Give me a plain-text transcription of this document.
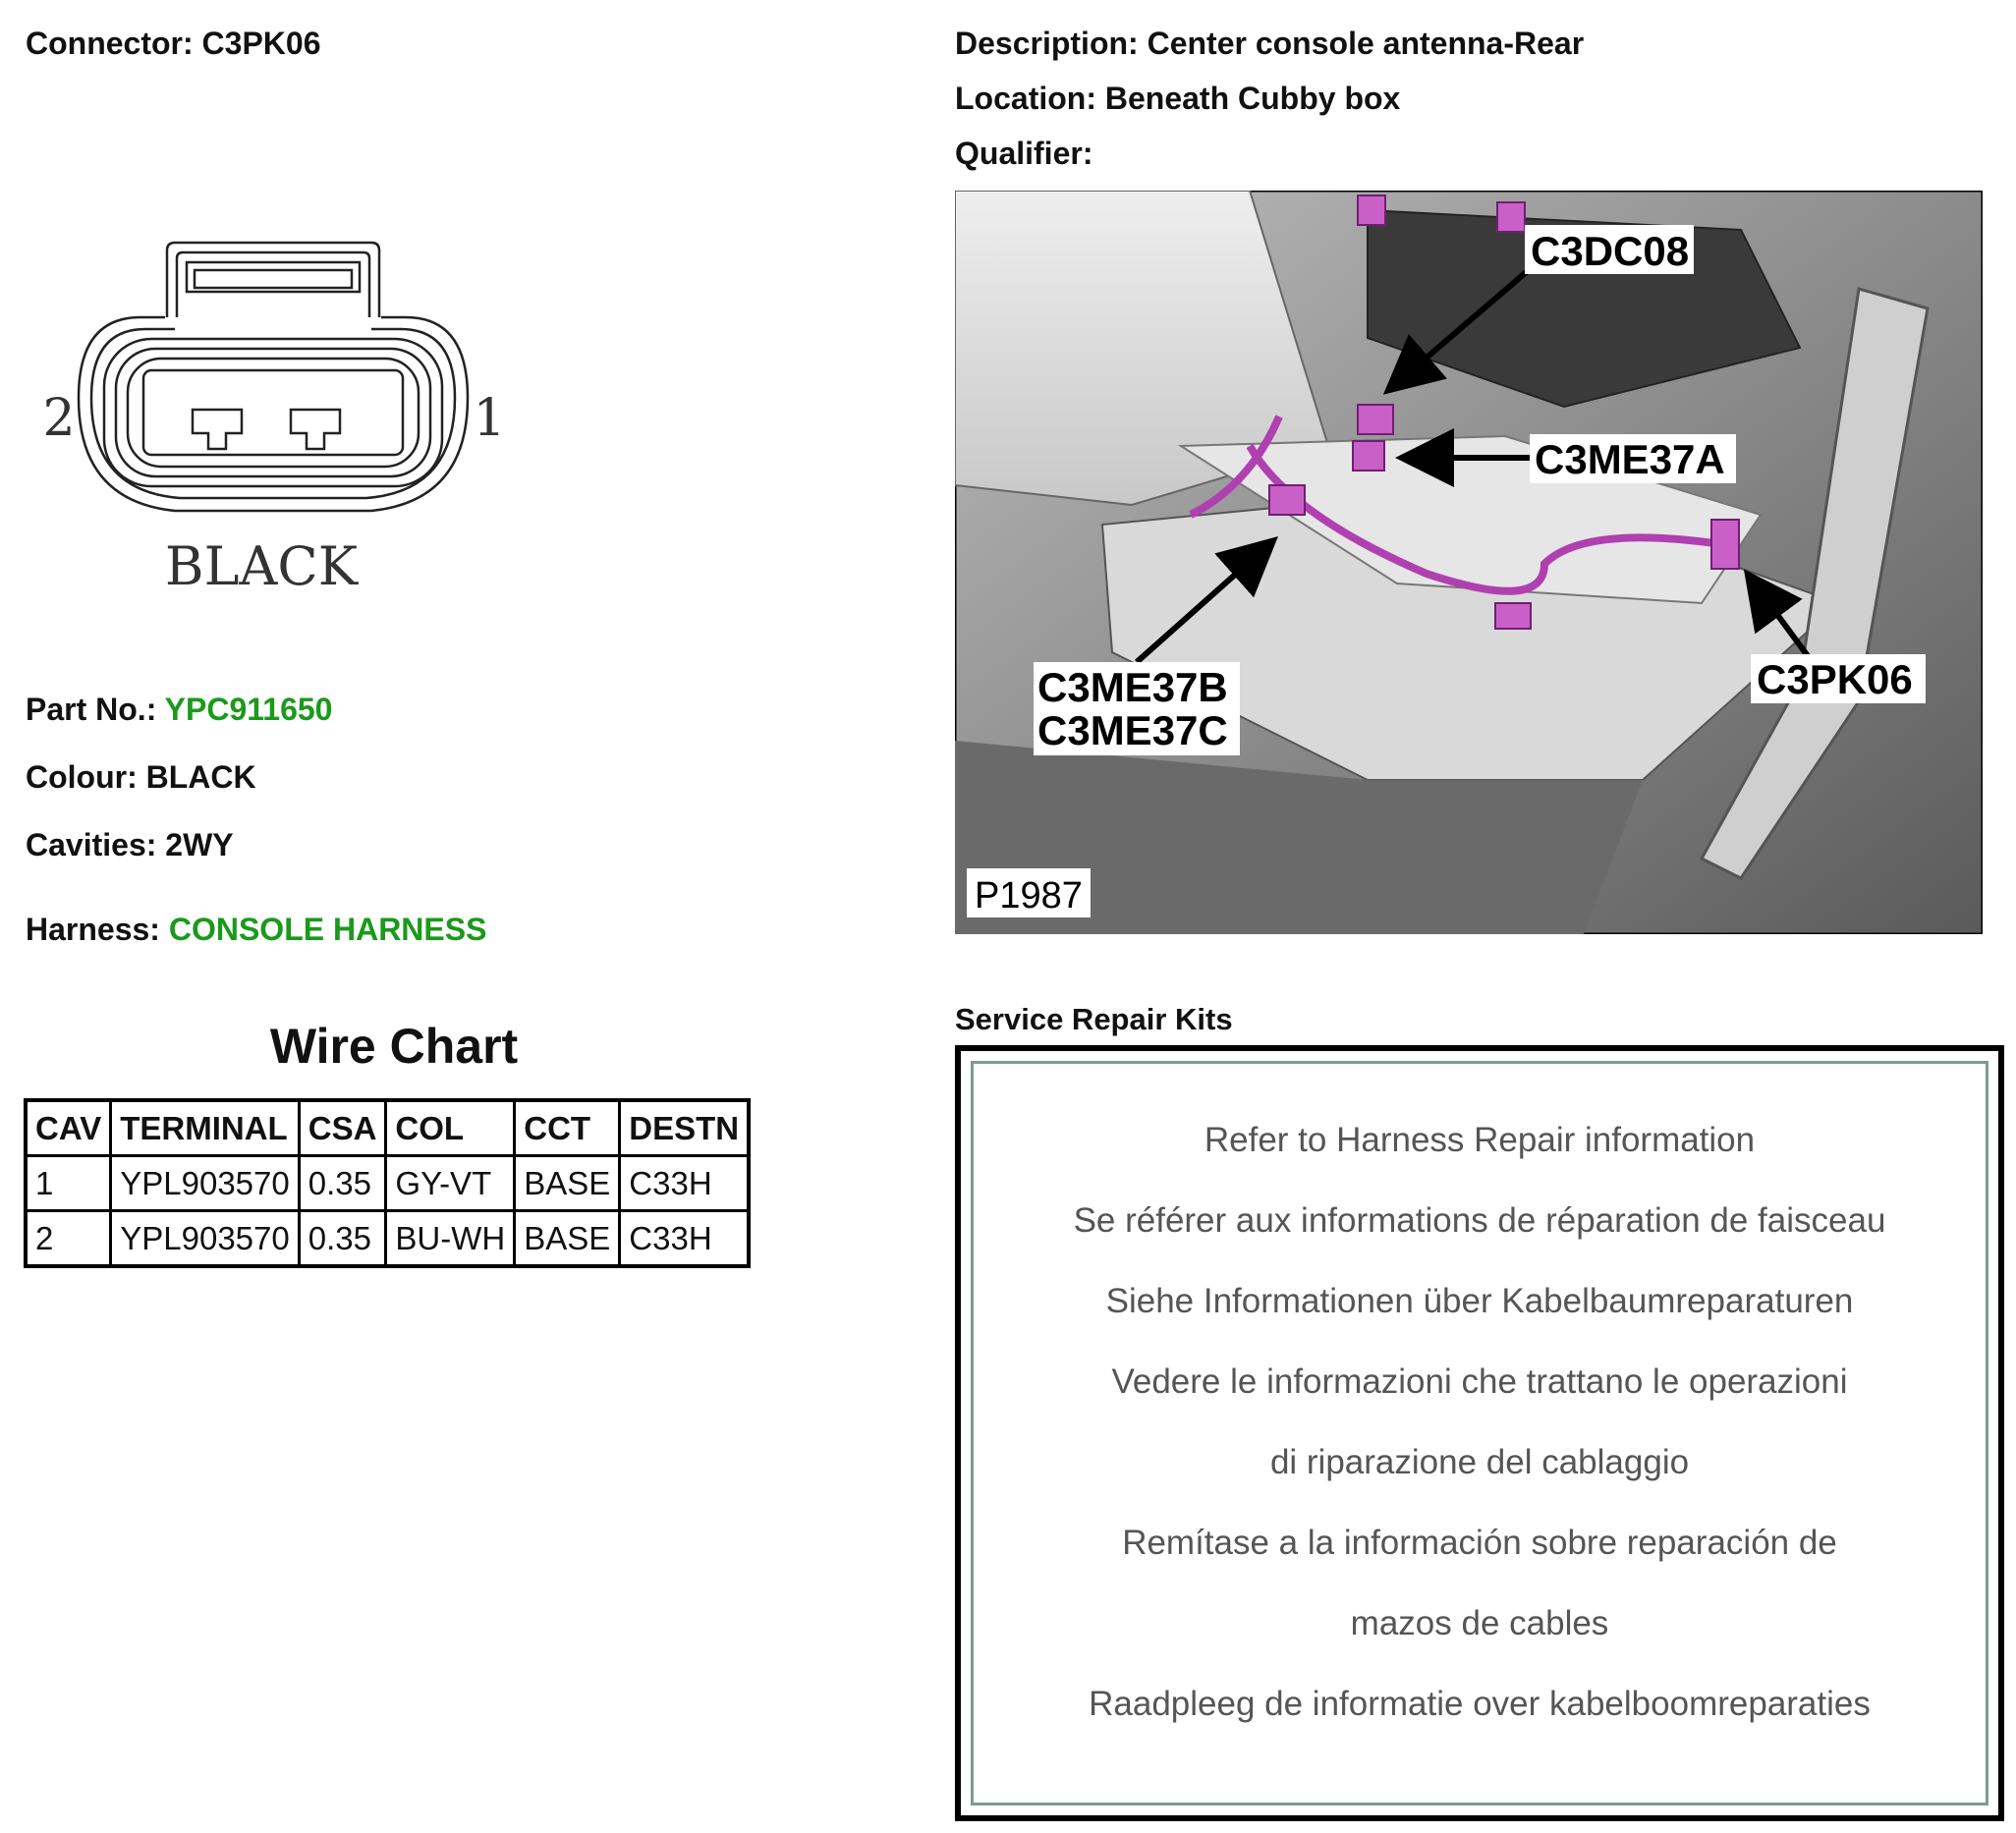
Connector: C3PK06	Description: Center console antenna-Rear
Location: Beneath Cubby box
Qualifier:
2	1
BLACK
Part No.: YPC911650
Colour: BLACK
Cavities: 2WY
Harness: CONSOLE HARNESS
Wire Chart
CAV	TERMINAL	CSA	COL	CCT	DESTN
1	YPL903570	0.35	GY-VT	BASE	C33H
2	YPL903570	0.35	BU-WH	BASE	C33H
C3DC08
C3ME37A
C3ME37B
C3ME37C
C3PK06
P1987
Service Repair Kits
Refer to Harness Repair information
Se référer aux informations de réparation de faisceau
Siehe Informationen über Kabelbaumreparaturen
Vedere le informazioni che trattano le operazioni
di riparazione del cablaggio
Remítase a la información sobre reparación de
mazos de cables
Raadpleeg de informatie over kabelboomreparaties
